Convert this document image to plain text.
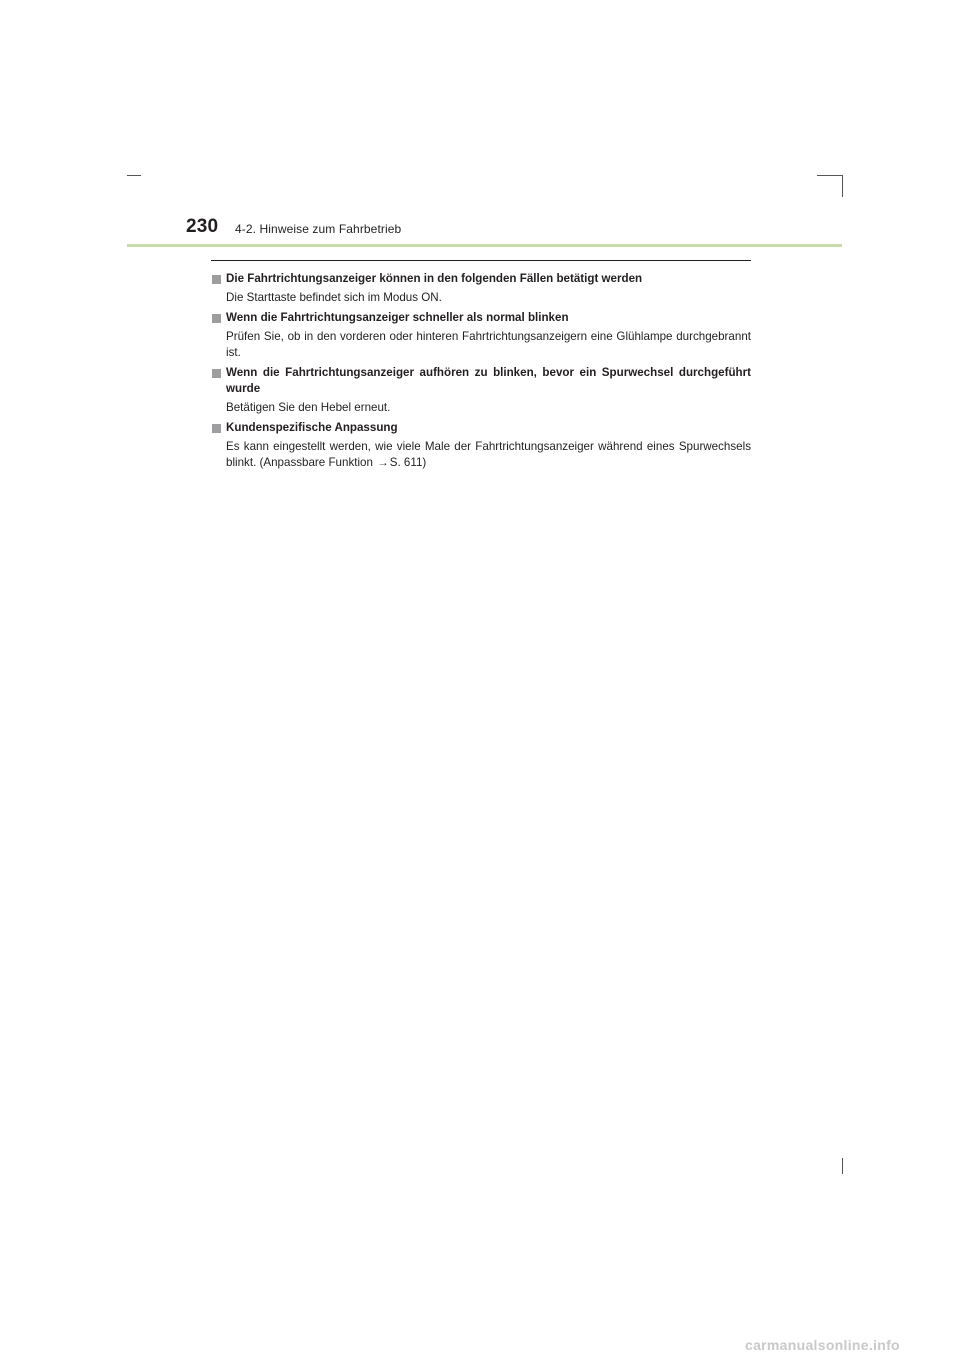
230 4-2. Hinweise zum Fahrbetrieb
Die Fahrtrichtungsanzeiger können in den folgenden Fällen betätigt werden
Die Starttaste befindet sich im Modus ON.
Wenn die Fahrtrichtungsanzeiger schneller als normal blinken
Prüfen Sie, ob in den vorderen oder hinteren Fahrtrichtungsanzeigern eine Glühlampe durchgebrannt ist.
Wenn die Fahrtrichtungsanzeiger aufhören zu blinken, bevor ein Spurwechsel durchgeführt wurde
Betätigen Sie den Hebel erneut.
Kundenspezifische Anpassung
Es kann eingestellt werden, wie viele Male der Fahrtrichtungsanzeiger während eines Spurwechsels blinkt. (Anpassbare Funktion →S. 611)
carmanualsonline.info
